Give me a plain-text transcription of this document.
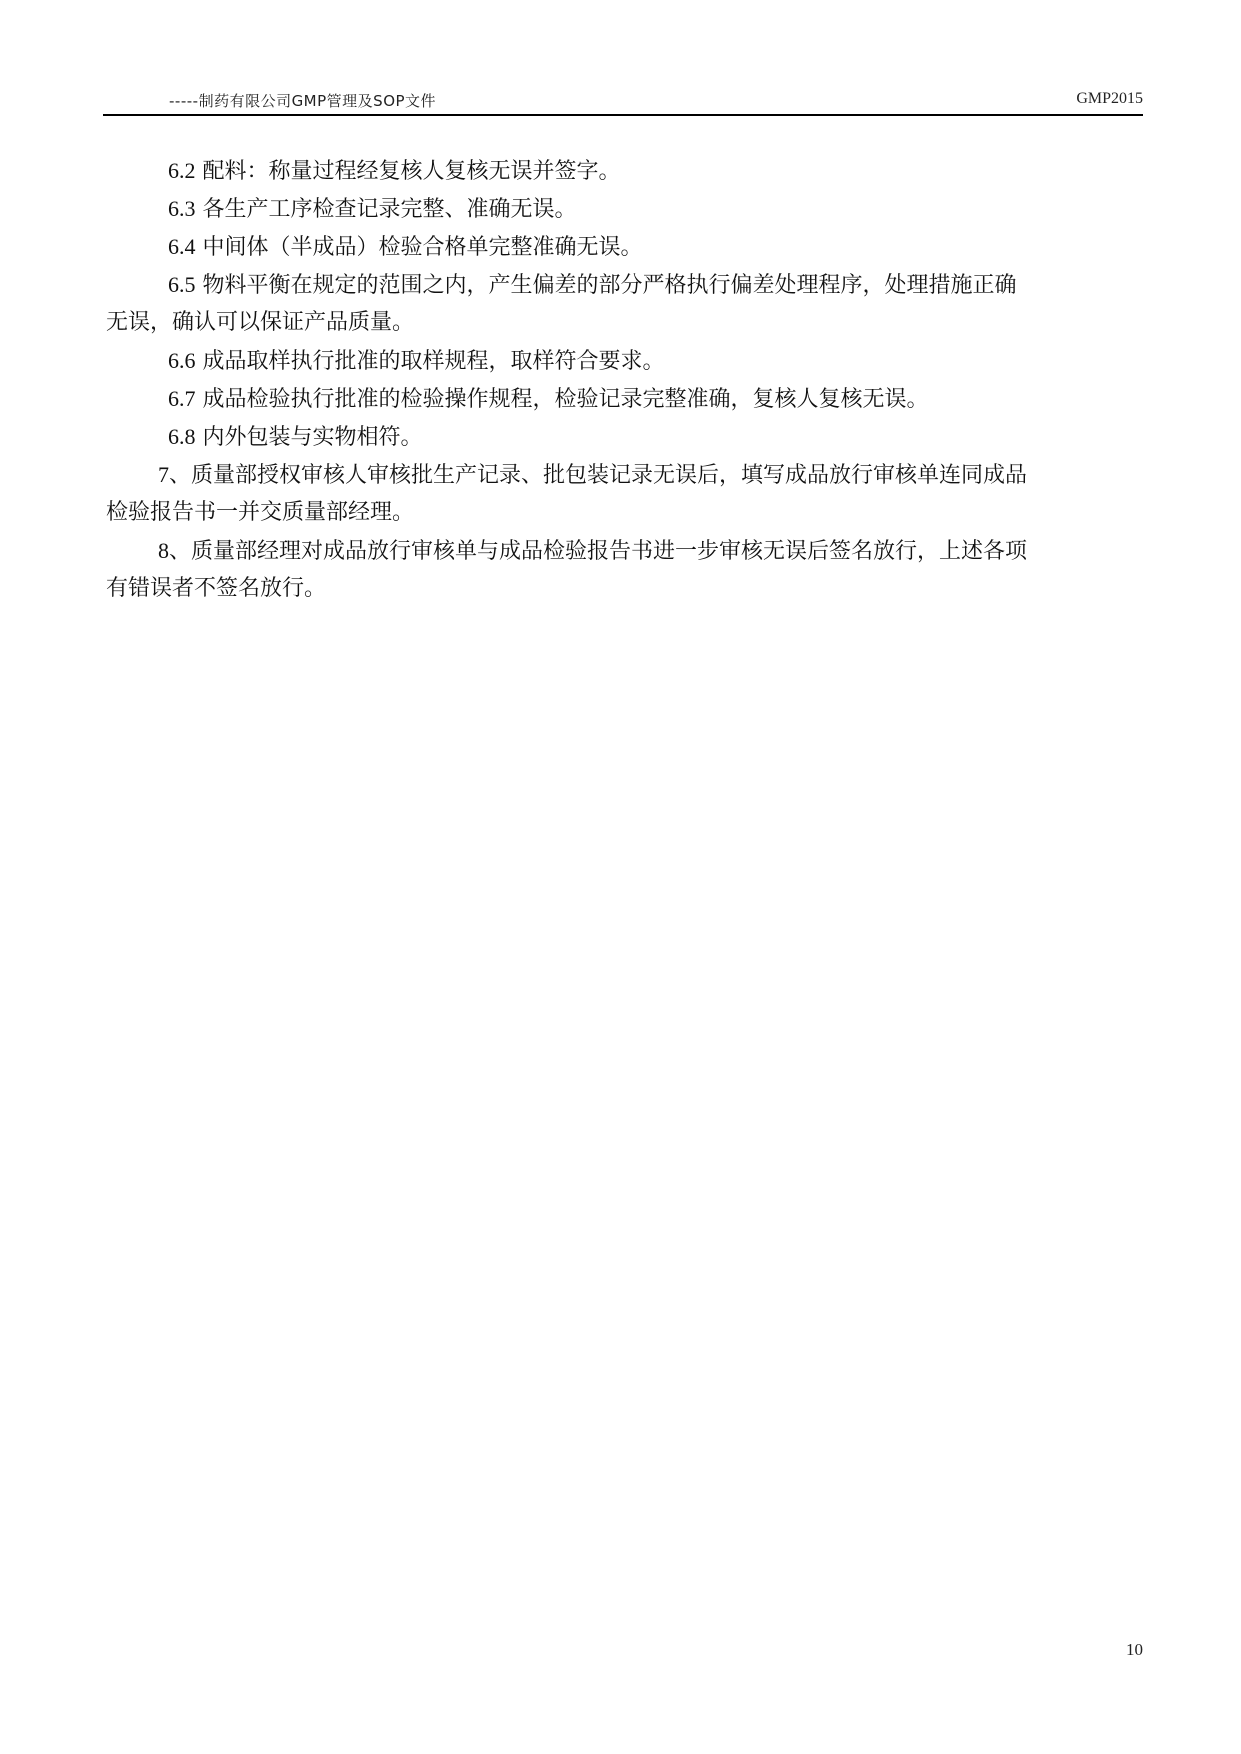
-----制药有限公司GMP管理及SOP文件	GMP2015
6.2 配料：称量过程经复核人复核无误并签字。
6.3 各生产工序检查记录完整、准确无误。
6.4 中间体（半成品）检验合格单完整准确无误。
6.5 物料平衡在规定的范围之内，产生偏差的部分严格执行偏差处理程序，处理措施正确
无误，确认可以保证产品质量。
6.6 成品取样执行批准的取样规程，取样符合要求。
6.7 成品检验执行批准的检验操作规程，检验记录完整准确，复核人复核无误。
6.8 内外包装与实物相符。
7、质量部授权审核人审核批生产记录、批包装记录无误后，填写成品放行审核单连同成品
检验报告书一并交质量部经理。
8、质量部经理对成品放行审核单与成品检验报告书进一步审核无误后签名放行，上述各项
有错误者不签名放行。
10
